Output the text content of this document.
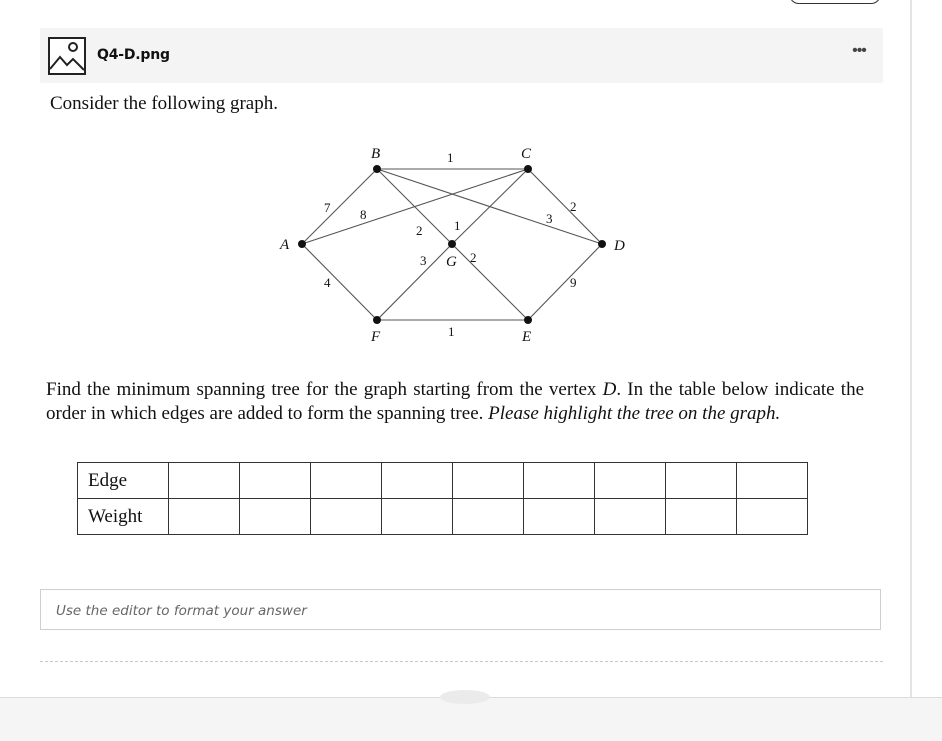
Q4-D.png	•••
Consider the following graph.
A
B	C
D
E
F
G
1
7 8
4
2
3
1
2
3	2
1
9
Find the minimum spanning tree for the graph starting from the vertex D. In the table below indicate the order in which edges are added to form the spanning tree. Please highlight the tree on the graph.
Edge									
Weight									
Use the editor to format your answer
